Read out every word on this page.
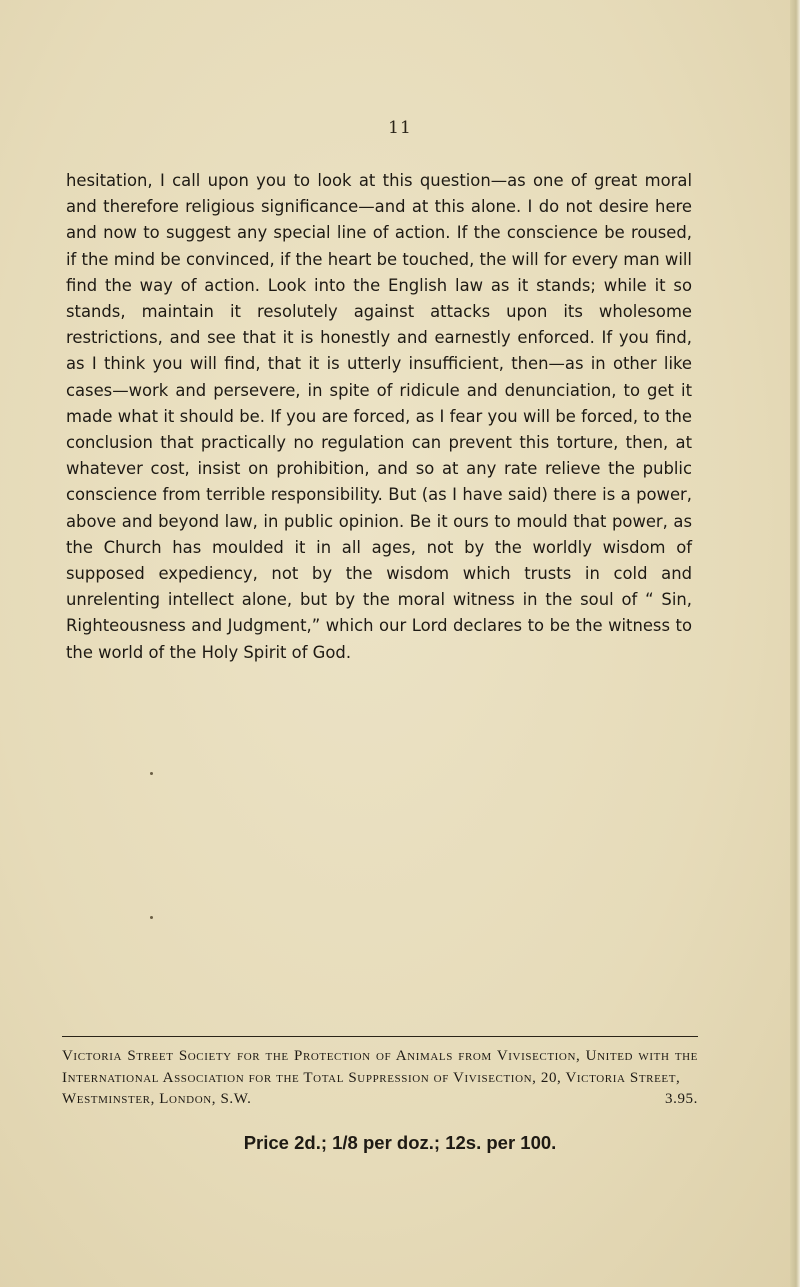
11

hesitation, I call upon you to look at this question—as one of great moral and therefore religious significance—and at this alone. I do not desire here and now to suggest any special line of action. If the conscience be roused, if the mind be convinced, if the heart be touched, the will for every man will find the way of action. Look into the English law as it stands; while it so stands, maintain it resolutely against attacks upon its wholesome restrictions, and see that it is honestly and earnestly enforced. If you find, as I think you will find, that it is utterly insufficient, then—as in other like cases—work and persevere, in spite of ridicule and denunciation, to get it made what it should be. If you are forced, as I fear you will be forced, to the conclusion that practically no regulation can prevent this torture, then, at whatever cost, insist on prohibition, and so at any rate relieve the public conscience from terrible responsibility. But (as I have said) there is a power, above and beyond law, in public opinion. Be it ours to mould that power, as the Church has moulded it in all ages, not by the worldly wisdom of supposed expediency, not by the wisdom which trusts in cold and unrelenting intellect alone, but by the moral witness in the soul of “ Sin, Righteousness and Judgment,” which our Lord declares to be the witness to the world of the Holy Spirit of God.

Victoria Street Society for the Protection of Animals from Vivisection, United with the International Association for the Total Suppression of Vivisection, 20, Victoria Street,
Westminster, London, S.W.	3.95.
Price 2d.; 1/8 per doz.; 12s. per 100.
